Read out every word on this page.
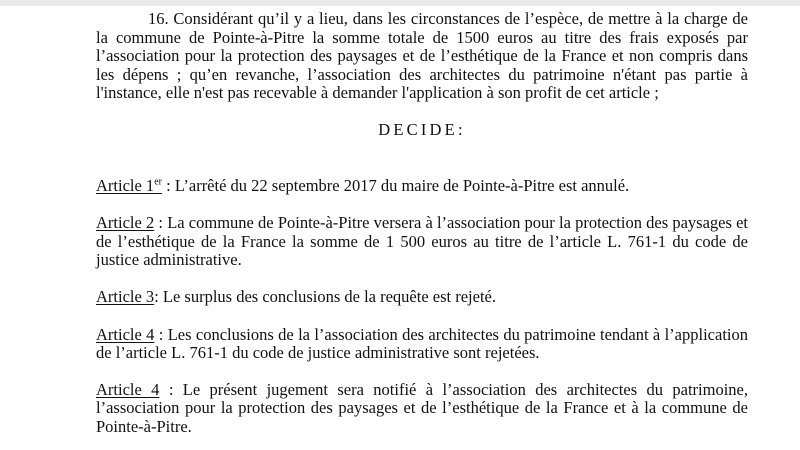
16. Considérant qu’il y a lieu, dans les circonstances de l’espèce, de mettre à la charge de la commune de Pointe-à-Pitre la somme totale de 1500 euros au titre des frais exposés par l’association pour la protection des paysages et de l’esthétique de la France et non compris dans les dépens ; qu’en revanche, l’association des architectes du patrimoine n'étant pas partie à l'instance, elle n'est pas recevable à demander l'application à son profit de cet article ;

DECIDE:

Article 1er : L’arrêté du 22 septembre 2017 du maire de Pointe-à-Pitre est annulé.

Article 2 : La commune de Pointe-à-Pitre versera à l’association pour la protection des paysages et de l’esthétique de la France la somme de 1 500 euros au titre de l’article L. 761-1 du code de justice administrative.

Article 3: Le surplus des conclusions de la requête est rejeté.

Article 4 : Les conclusions de la l’association des architectes du patrimoine tendant à l’application de l’article L. 761-1 du code de justice administrative sont rejetées.

Article 4 : Le présent jugement sera notifié à l’association des architectes du patrimoine, l’association pour la protection des paysages et de l’esthétique de la France et à la commune de Pointe-à-Pitre.
